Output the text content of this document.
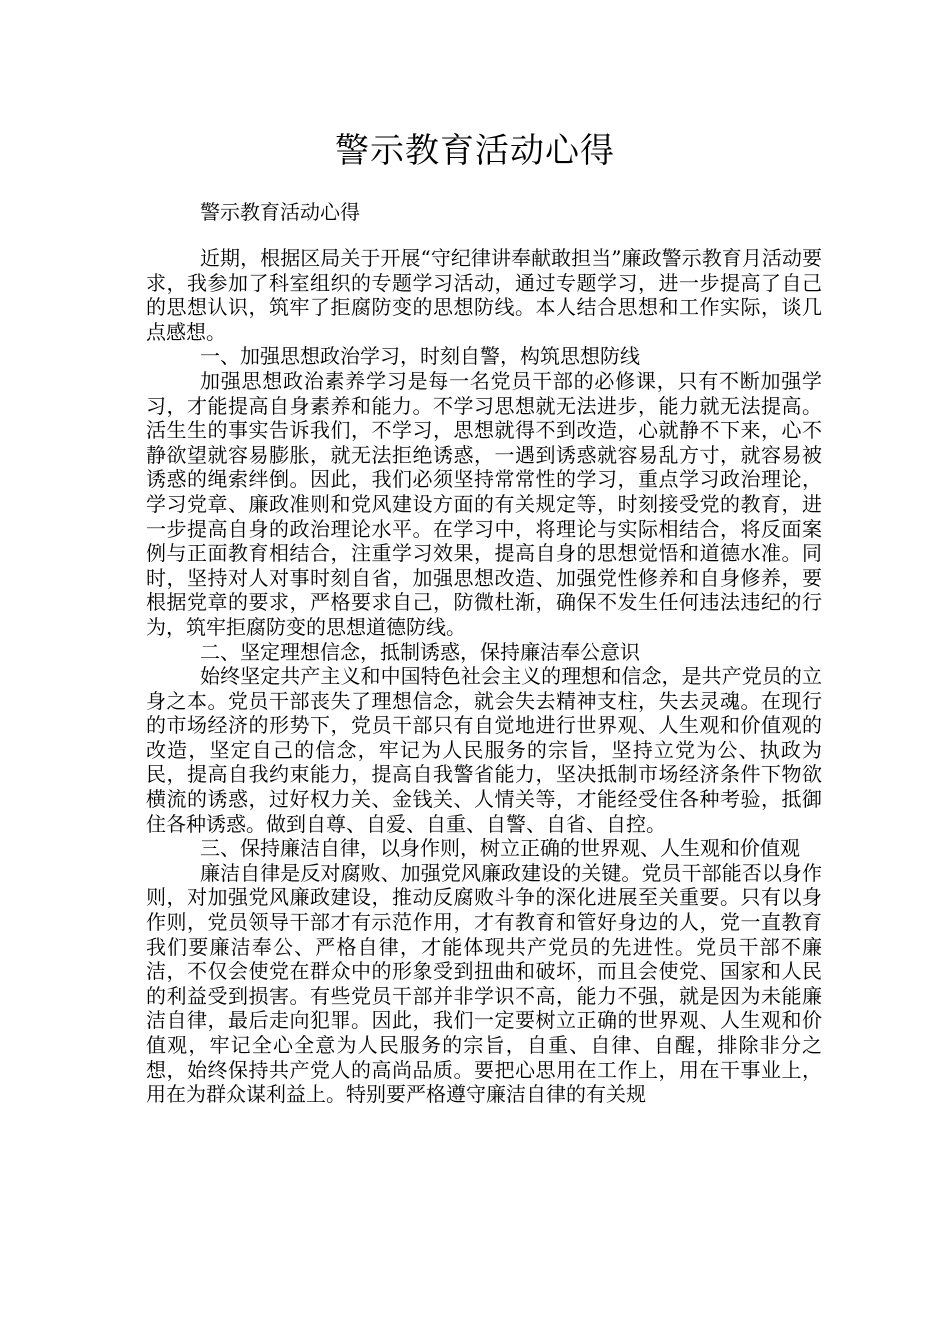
警示教育活动心得
警示教育活动心得

近期，根据区局关于开展“守纪律讲奉献敢担当”廉政警示教育月活动要求，我参加了科室组织的专题学习活动，通过专题学习，进一步提高了自己的思想认识，筑牢了拒腐防变的思想防线。本人结合思想和工作实际，谈几点感想。

一、加强思想政治学习，时刻自警，构筑思想防线

加强思想政治素养学习是每一名党员干部的必修课，只有不断加强学习，才能提高自身素养和能力。不学习思想就无法进步，能力就无法提高。活生生的事实告诉我们，不学习，思想就得不到改造，心就静不下来，心不静欲望就容易膨胀，就无法拒绝诱惑，一遇到诱惑就容易乱方寸，就容易被诱惑的绳索绊倒。因此，我们必须坚持常常性的学习，重点学习政治理论，学习党章、廉政准则和党风建设方面的有关规定等，时刻接受党的教育，进一步提高自身的政治理论水平。在学习中，将理论与实际相结合，将反面案例与正面教育相结合，注重学习效果，提高自身的思想觉悟和道德水准。同时，坚持对人对事时刻自省，加强思想改造、加强党性修养和自身修养，要根据党章的要求，严格要求自己，防微杜渐，确保不发生任何违法违纪的行为，筑牢拒腐防变的思想道德防线。

二、坚定理想信念，抵制诱惑，保持廉洁奉公意识

始终坚定共产主义和中国特色社会主义的理想和信念，是共产党员的立身之本。党员干部丧失了理想信念，就会失去精神支柱，失去灵魂。在现行的市场经济的形势下，党员干部只有自觉地进行世界观、人生观和价值观的改造，坚定自己的信念，牢记为人民服务的宗旨，坚持立党为公、执政为民，提高自我约束能力，提高自我警省能力，坚决抵制市场经济条件下物欲横流的诱惑，过好权力关、金钱关、人情关等，才能经受住各种考验，抵御住各种诱惑。做到自尊、自爱、自重、自警、自省、自控。

三、保持廉洁自律，以身作则，树立正确的世界观、人生观和价值观

廉洁自律是反对腐败、加强党风廉政建设的关键。党员干部能否以身作则，对加强党风廉政建设，推动反腐败斗争的深化进展至关重要。只有以身作则，党员领导干部才有示范作用，才有教育和管好身边的人，党一直教育我们要廉洁奉公、严格自律，才能体现共产党员的先进性。党员干部不廉洁，不仅会使党在群众中的形象受到扭曲和破坏，而且会使党、国家和人民的利益受到损害。有些党员干部并非学识不高，能力不强，就是因为未能廉洁自律，最后走向犯罪。因此，我们一定要树立正确的世界观、人生观和价值观，牢记全心全意为人民服务的宗旨，自重、自律、自醒，排除非分之想，始终保持共产党人的高尚品质。要把心思用在工作上，用在干事业上，用在为群众谋利益上。特别要严格遵守廉洁自律的有关规
